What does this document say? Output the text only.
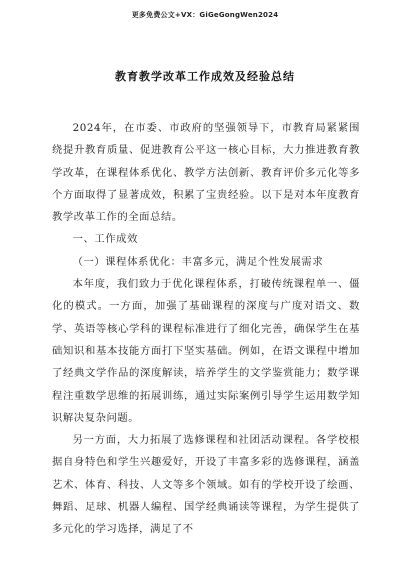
更多免费公文+VX：GiGeGongWen2024
教育教学改革工作成效及经验总结

2024年，在市委、市政府的坚强领导下，市教育局紧紧围绕提升教育质量、促进教育公平这一核心目标，大力推进教育教学改革，在课程体系优化、教学方法创新、教育评价多元化等多个方面取得了显著成效，积累了宝贵经验。以下是对本年度教育教学改革工作的全面总结。

一、工作成效

（一）课程体系优化：丰富多元，满足个性发展需求

本年度，我们致力于优化课程体系，打破传统课程单一、僵化的模式。一方面，加强了基础课程的深度与广度对语文、数学、英语等核心学科的课程标准进行了细化完善，确保学生在基础知识和基本技能方面打下坚实基础。例如，在语文课程中增加了经典文学作品的深度解读，培养学生的文学鉴赏能力；数学课程注重数学思维的拓展训练，通过实际案例引导学生运用数学知识解决复杂问题。

另一方面，大力拓展了选修课程和社团活动课程。各学校根据自身特色和学生兴趣爱好，开设了丰富多彩的选修课程，涵盖艺术、体育、科技、人文等多个领域。如有的学校开设了绘画、舞蹈、足球、机器人编程、国学经典诵读等课程，为学生提供了多元化的学习选择，满足了不
